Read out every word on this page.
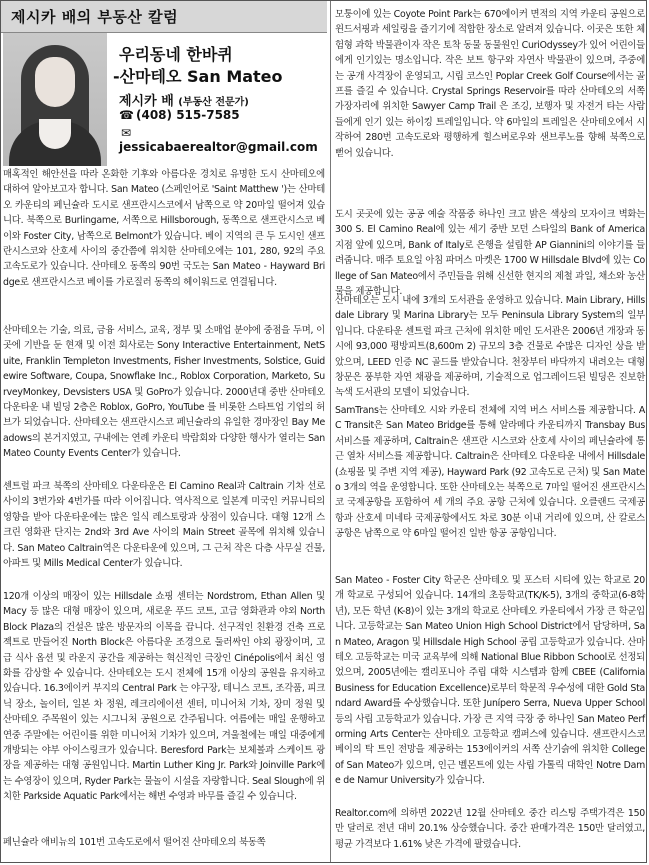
제시카 배의 부동산 칼럼
우리동네 한바퀴
-산마테오 San Mateo
제시카 배 (부동산 전문가)
☎ (408) 515-7585
✉jessicabaerealtor@gmail.com

매혹적인 해안선을 따라 온화한 기후와 아름다운 경치로 유명한 도시 산마테오에 대하여 알아보고자 합니다. San Mateo (스페인어로 'Saint Matthew ')는 산마테오 카운티의 페닌슐라 도시로 샌프란시스코에서 남쪽으로 약 20마일 떨어져 있습니다. 북쪽으로 Burlingame, 서쪽으로 Hillsborough, 동쪽으로 샌프란시스코 베이와 Foster City, 남쪽으로 Belmont가 있습니다. 베이 지역의 큰 두 도시인 샌프란시스코와 산호세 사이의 중간쯤에 위치한 산마테오에는 101, 280, 92의 주요 고속도로가 있습니다. 산마테오 동쪽의 90번 국도는 San Mateo - Hayward Bridge로 샌프란시스코 베이를 가로질러 동쪽의 헤이워드로 연결됩니다.

산마테오는 기술, 의료, 금융 서비스, 교육, 정부 및 소매업 분야에 중점을 두며, 이 곳에 기반을 둔 현재 및 이전 회사로는 Sony Interactive Entertainment, NetSuite, Franklin Templeton Investments, Fisher Investments, Solstice, Guidewire Software, Coupa, Snowflake Inc., Roblox Corporation, Marketo, SurveyMonkey, Devsisters USA 및 GoPro가 있습니다. 2000년대 중반 산마테오 다운타운 내 빌딩 2층은 Roblox, GoPro, YouTube 를 비롯한 스타트업 기업의 허브가 되었습니다. 산마테오는 샌프란시스코 페닌슐라의 유일한 경마장인 Bay Meadows의 본거지였고, 구내에는 연례 카운티 박람회와 다양한 행사가 열리는 San Mateo County Events Center가 있습니다.

센트럴 파크 북쪽의 산마테오 다운타운은 El Camino Real과 Caltrain 기차 선로 사이의 3번가와 4번가를 따라 이어집니다. 역사적으로 일본계 미국인 커뮤니티의 영향을 받아 다운타운에는 많은 일식 레스토랑과 상점이 있습니다. 대형 12개 스크린 영화관 단지는 2nd와 3rd Ave 사이의 Main Street 골목에 위치해 있습니다. San Mateo Caltrain역은 다운타운에 있으며, 그 근처 작은 다층 사무실 건물, 아파트 및 Mills Medical Center가 있습니다.

120개 이상의 매장이 있는 Hillsdale 쇼핑 센터는 Nordstrom, Ethan Allen 및 Macy 등 많은 대형 매장이 있으며, 새로운 푸드 코트, 고급 영화관과 야외 North Block Plaza의 건설은 많은 방문자의 이목을 끕니다. 선구적인 친환경 건축 프로젝트로 만들어진 North Block은 아름다운 조경으로 둘러싸인 야외 광장이며, 고급 식사 옵션 및 라운지 공간을 제공하는 혁신적인 극장인 Cinépolis에서 최신 영화를 감상할 수 있습니다. 산마테오는 도시 전체에 15개 이상의 공원을 유지하고 있습니다. 16.3에이커 부지의 Central Park 는 야구장, 테니스 코트, 조각품, 피크닉 장소, 놀이터, 일본 차 정원, 레크리에이션 센터, 미니어처 기차, 장미 정원 및 산마테오 주목원이 있는 시그니처 공원으로 간주됩니다. 여름에는 매일 운행하고 연중 주말에는 어린이를 위한 미니어처 기차가 있으며, 겨울철에는 매일 대중에게 개방되는 야부 아이스링크가 있습니다. Beresford Park는 보체볼과 스케이트 광장을 제공하는 대형 공원입니다. Martin Luther King Jr. Park와 Joinville Park에는 수영장이 있으며, Ryder Park는 물놀이 시설을 자랑합니다. Seal Slough에 위치한 Parkside Aquatic Park에서는 해변 수영과 바무를 즐길 수 있습니다.

페닌슐라 애비뉴의 101번 고속도로에서 떨어진 산마테오의 북동쪽

모퉁이에 있는 Coyote Point Park는 670에이커 면적의 지역 카운티 공원으로 윈드서핑과 세일링을 즐기기에 적합한 장소로 알려져 있습니다. 이곳은 또한 체험형 과학 박물관이자 작은 토착 동물 동물원인 CuriOdyssey가 있어 어린이들에게 인기있는 명소입니다. 작은 보트 항구와 자연사 박물관이 있으며, 주중에는 공개 사격장이 운영되고, 시립 코스인 Poplar Creek Golf Course에서는 골프를 즐길 수 있습니다. Crystal Springs Reservoir를 따라 산마테오의 서쪽 가장자리에 위치한 Sawyer Camp Trail 은 조깅, 보행자 및 자전거 타는 사람들에게 인기 있는 하이킹 트레일입니다. 약 6마일의 트레일은 산마테오에서 시작하여 280번 고속도로와 평행하게 힐스버로우와 샌브루노를 향해 북쪽으로 뻗어 있습니다.

도시 곳곳에 있는 공공 예술 작품중 하나인 크고 밝은 색상의 모자이크 벽화는 300 S. El Camino Real에 있는 세기 중반 모던 스타일의 Bank of America 지점 앞에 있으며, Bank of Italy로 은행을 설립한 AP Giannini의 이야기를 들려줍니다. 매주 토요일 아침 파머스 마켓은 1700 W Hillsdale Blvd에 있는 College of San Mateo에서 주민들을 위해 신선한 현지의 제철 과일, 채소와 농산물을 제공합니다.

산마테오는 도시 내에 3개의 도서관을 운영하고 있습니다. Main Library, Hillsdale Library 및 Marina Library는 모두 Peninsula Library System의 일부입니다. 다운타운 센트럴 파크 근처에 위치한 메인 도서관은 2006년 개장과 동시에 93,000 평방피트(8,600m 2) 규모의 3층 건물로 수많은 디자인 상을 받았으며, LEED 인증 NC 골드를 받았습니다. 천장부터 바닥까지 내려오는 대형 창문은 풍부한 자연 채광을 제공하며, 기술적으로 업그레이드된 빌딩은 진보한 녹색 도서관의 모델이 되었습니다.

SamTrans는 산마테오 시와 카운티 전체에 지역 버스 서비스를 제공합니다. AC Transit은 San Mateo Bridge를 통해 알라메다 카운티까지 Transbay Bus 서비스를 제공하며, Caltrain은 샌프란 시스코와 산호세 사이의 페닌슐라에 통근 열차 서비스를 제공합니다. Caltrain은 산마테오 다운타운 내에서 Hillsdale (쇼핑몰 및 주변 지역 제공), Hayward Park (92 고속도로 근처) 및 San Mateo 3개의 역을 운영합니다. 또한 산마테오는 북쪽으로 7마일 떨어진 샌프란시스코 국제공항을 포함하여 세 개의 주요 공항 근처에 있습니다. 오클랜드 국제공항과 산호세 미네타 국제공항에서도 차로 30분 이내 거리에 있으며, 산 칼로스 공항은 남쪽으로 약 6마일 떨어진 일반 항공 공항입니다.

San Mateo - Foster City 학군은 산마테오 및 포스터 시티에 있는 학교로 20개 학교로 구성되어 있습니다. 14개의 초등학교(TK/K-5), 3개의 중학교(6-8학년), 모든 학년 (K-8)이 있는 3개의 학교로 산마테오 카운티에서 가장 큰 학군입니다. 고등학교는 San Mateo Union High School District에서 담당하며, San Mateo, Aragon 및 Hillsdale High School 공립 고등학교가 있습니다. 산마테오 고등학교는 미국 교육부에 의해 National Blue Ribbon School로 선정되었으며, 2005년에는 캘리포니아 주립 대학 시스템과 함께 CBEE (California Business for Education Excellence)로부터 학문적 우수성에 대한 Gold Standard Award를 수상했습니다. 또한 Junípero Serra, Nueva Upper School 등의 사립 고등학교가 있습니다. 가장 큰 지역 극장 중 하나인 San Mateo Performing Arts Center는 산마테오 고등학교 캠퍼스에 있습니다. 샌프란시스코 베이의 탁 트인 전망을 제공하는 153에이커의 서쪽 산기슭에 위치한 College of San Mateo가 있으며, 인근 벨몬트에 있는 사립 가톨릭 대학인 Notre Dame de Namur University가 있습니다.

Realtor.com에 의하면 2022년 12월 산마테오 중간 리스팅 주택가격은 150만 달러로 전년 대비 20.1% 상승했습니다. 중간 판매가격은 150만 달러였고, 평균 가격보다 1.61% 낮은 가격에 팔렸습니다.
